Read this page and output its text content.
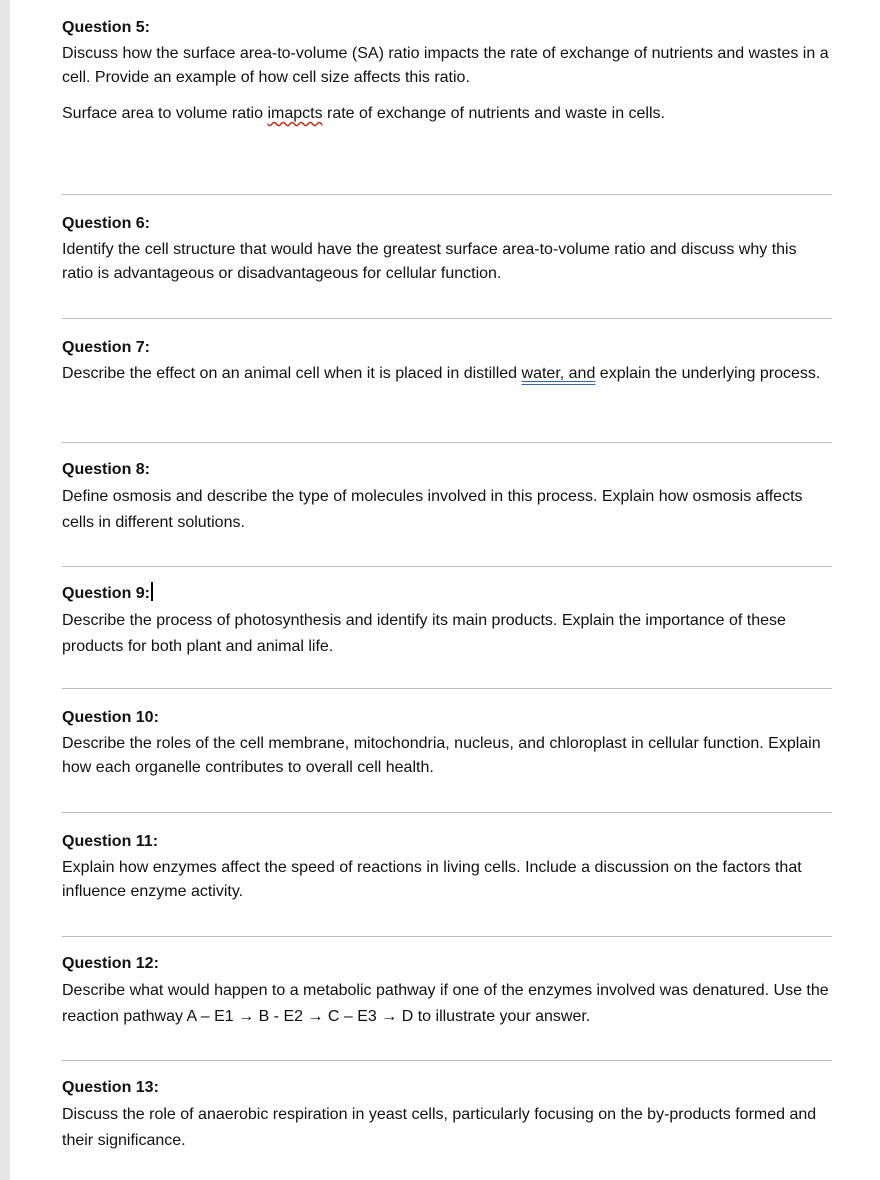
Question 5:

Discuss how the surface area-to-volume (SA) ratio impacts the rate of exchange of nutrients and wastes in a cell. Provide an example of how cell size affects this ratio.

Surface area to volume ratio imapcts rate of exchange of nutrients and waste in cells.

Question 6:

Identify the cell structure that would have the greatest surface area-to-volume ratio and discuss why this ratio is advantageous or disadvantageous for cellular function.

Question 7:

Describe the effect on an animal cell when it is placed in distilled water, and explain the underlying process.

Question 8:

Define osmosis and describe the type of molecules involved in this process. Explain how osmosis affects cells in different solutions.

Question 9:

Describe the process of photosynthesis and identify its main products. Explain the importance of these products for both plant and animal life.

Question 10:

Describe the roles of the cell membrane, mitochondria, nucleus, and chloroplast in cellular function. Explain how each organelle contributes to overall cell health.

Question 11:

Explain how enzymes affect the speed of reactions in living cells. Include a discussion on the factors that influence enzyme activity.

Question 12:

Describe what would happen to a metabolic pathway if one of the enzymes involved was denatured. Use the reaction pathway A – E1 → B - E2 → C – E3 → D to illustrate your answer.

Question 13:

Discuss the role of anaerobic respiration in yeast cells, particularly focusing on the by-products formed and their significance.
